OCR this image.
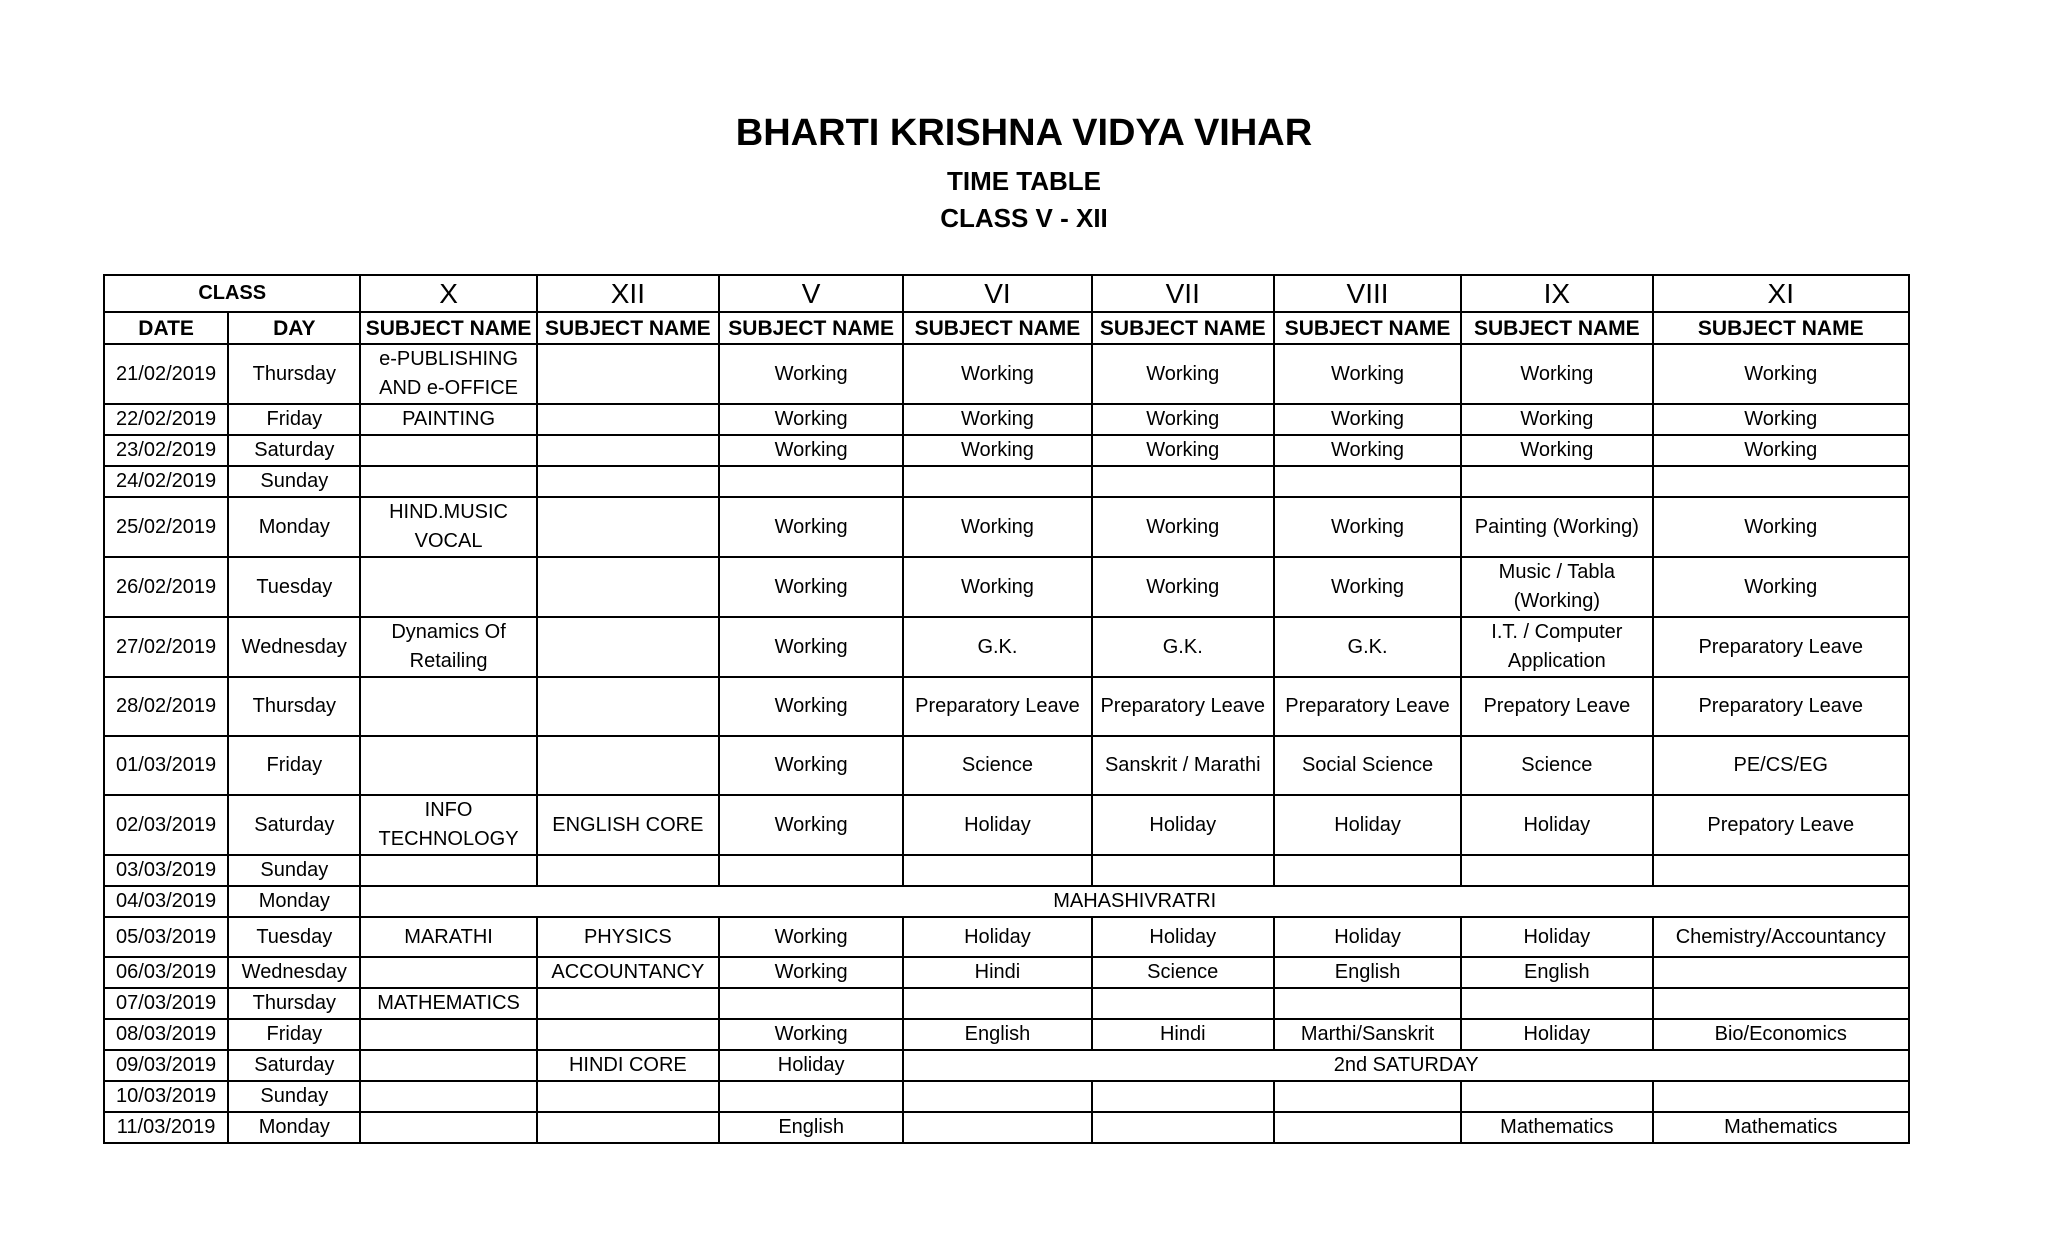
BHARTI KRISHNA VIDYA VIHAR
TIME TABLE
CLASS V - XII
CLASS		X	XII	V	VI	VII	VIII	IX	XI
DATE	DAY	SUBJECT NAME	SUBJECT NAME	SUBJECT NAME	SUBJECT NAME	SUBJECT NAME	SUBJECT NAME	SUBJECT NAME	SUBJECT NAME
21/02/2019	Thursday	e-PUBLISHING AND e-OFFICE		Working	Working	Working	Working	Working	Working
22/02/2019	Friday	PAINTING		Working	Working	Working	Working	Working	Working
23/02/2019	Saturday			Working	Working	Working	Working	Working	Working
24/02/2019	Sunday								
25/02/2019	Monday	HIND.MUSIC VOCAL		Working	Working	Working	Working	Painting (Working)	Working
26/02/2019	Tuesday			Working	Working	Working	Working	Music / Tabla (Working)	Working
27/02/2019	Wednesday	Dynamics Of Retailing		Working	G.K.	G.K.	G.K.	I.T. / Computer Application	Preparatory Leave
28/02/2019	Thursday			Working	Preparatory Leave	Preparatory Leave	Preparatory Leave	Prepatory Leave	Preparatory Leave
01/03/2019	Friday			Working	Science	Sanskrit / Marathi	Social Science	Science	PE/CS/EG
02/03/2019	Saturday	INFO TECHNOLOGY	ENGLISH CORE	Working	Holiday	Holiday	Holiday	Holiday	Prepatory Leave
03/03/2019	Sunday								
04/03/2019	Monday	MAHASHIVRATRI							
05/03/2019	Tuesday	MARATHI	PHYSICS	Working	Holiday	Holiday	Holiday	Holiday	Chemistry/Accountancy
06/03/2019	Wednesday		ACCOUNTANCY	Working	Hindi	Science	English	English	
07/03/2019	Thursday	MATHEMATICS							
08/03/2019	Friday			Working	English	Hindi	Marthi/Sanskrit	Holiday	Bio/Economics
09/03/2019	Saturday		HINDI CORE	Holiday	2nd SATURDAY				
10/03/2019	Sunday								
11/03/2019	Monday			English				Mathematics	Mathematics
